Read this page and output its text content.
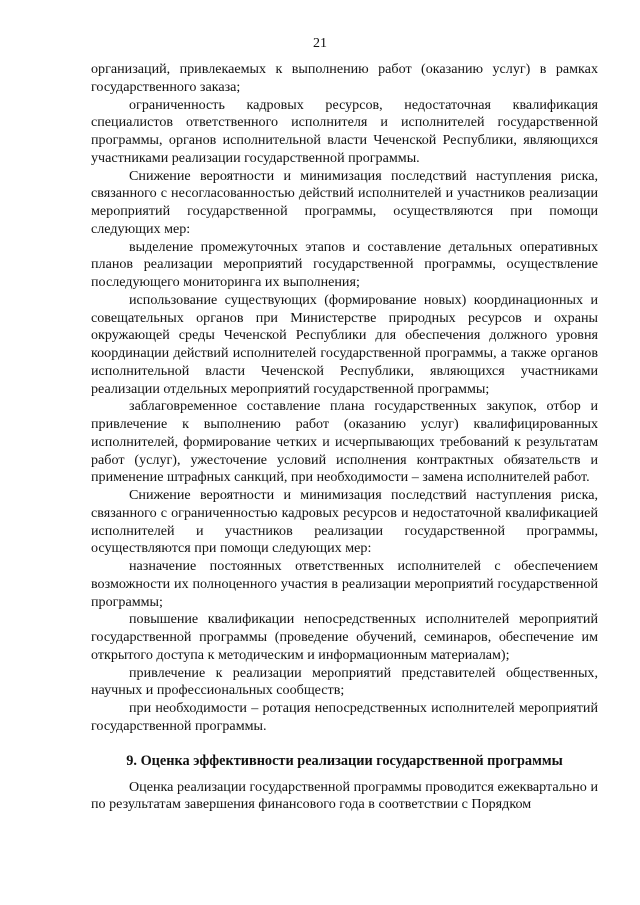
21

организаций, привлекаемых к выполнению работ (оказанию услуг) в рамках государственного заказа;

ограниченность кадровых ресурсов, недостаточная квалификация специалистов ответственного исполнителя и исполнителей государственной программы, органов исполнительной власти Чеченской Республики, являющихся участниками реализации государственной программы.

Снижение вероятности и минимизация последствий наступления риска, связанного с несогласованностью действий исполнителей и участников реализации мероприятий государственной программы, осуществляются при помощи следующих мер:

выделение промежуточных этапов и составление детальных оперативных планов реализации мероприятий государственной программы, осуществление последующего мониторинга их выполнения;

использование существующих (формирование новых) координационных и совещательных органов при Министерстве природных ресурсов и охраны окружающей среды Чеченской Республики для обеспечения должного уровня координации действий исполнителей государственной программы, а также органов исполнительной власти Чеченской Республики, являющихся участниками реализации отдельных мероприятий государственной программы;

заблаговременное составление плана государственных закупок, отбор и привлечение к выполнению работ (оказанию услуг) квалифицированных исполнителей, формирование четких и исчерпывающих требований к результатам работ (услуг), ужесточение условий исполнения контрактных обязательств и применение штрафных санкций, при необходимости – замена исполнителей работ.

Снижение вероятности и минимизация последствий наступления риска, связанного с ограниченностью кадровых ресурсов и недостаточной квалификацией исполнителей и участников реализации государственной программы, осуществляются при помощи следующих мер:

назначение постоянных ответственных исполнителей с обеспечением возможности их полноценного участия в реализации мероприятий государственной программы;

повышение квалификации непосредственных исполнителей мероприятий государственной программы (проведение обучений, семинаров, обеспечение им открытого доступа к методическим и информационным материалам);

привлечение к реализации мероприятий представителей общественных, научных и профессиональных сообществ;

при необходимости – ротация непосредственных исполнителей мероприятий государственной программы.

9. Оценка эффективности реализации государственной программы

Оценка реализации государственной программы проводится ежеквартально и по результатам завершения финансового года в соответствии с Порядком
